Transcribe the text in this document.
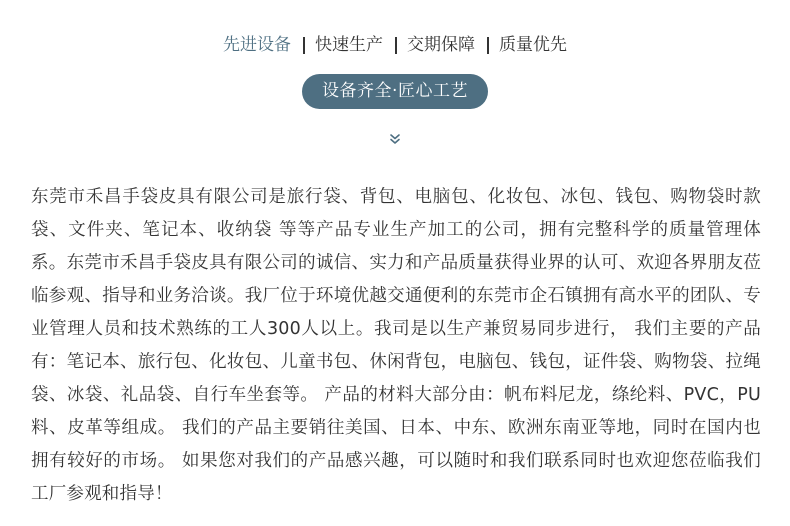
先进设备 快速生产 交期保障 质量优先
设备齐全·匠心工艺

东莞市禾昌手袋皮具有限公司是旅行袋、背包、电脑包、化妆包、冰包、钱包、购物袋时款袋、文件夹、笔记本、收纳袋 等等产品专业生产加工的公司，拥有完整科学的质量管理体系。东莞市禾昌手袋皮具有限公司的诚信、实力和产品质量获得业界的认可、欢迎各界朋友莅临参观、指导和业务洽谈。我厂位于环境优越交通便利的东莞市企石镇拥有高水平的团队、专业管理人员和技术熟练的工人300人以上。我司是以生产兼贸易同步进行， 我们主要的产品有：笔记本、旅行包、化妆包、儿童书包、休闲背包，电脑包、钱包，证件袋、购物袋、拉绳袋、冰袋、礼品袋、自行车坐套等。 产品的材料大部分由：帆布料尼龙，绦纶料、PVC，PU料、皮革等组成。 我们的产品主要销往美国、日本、中东、欧洲东南亚等地，同时在国内也拥有较好的市场。 如果您对我们的产品感兴趣，可以随时和我们联系同时也欢迎您莅临我们工厂参观和指导！
